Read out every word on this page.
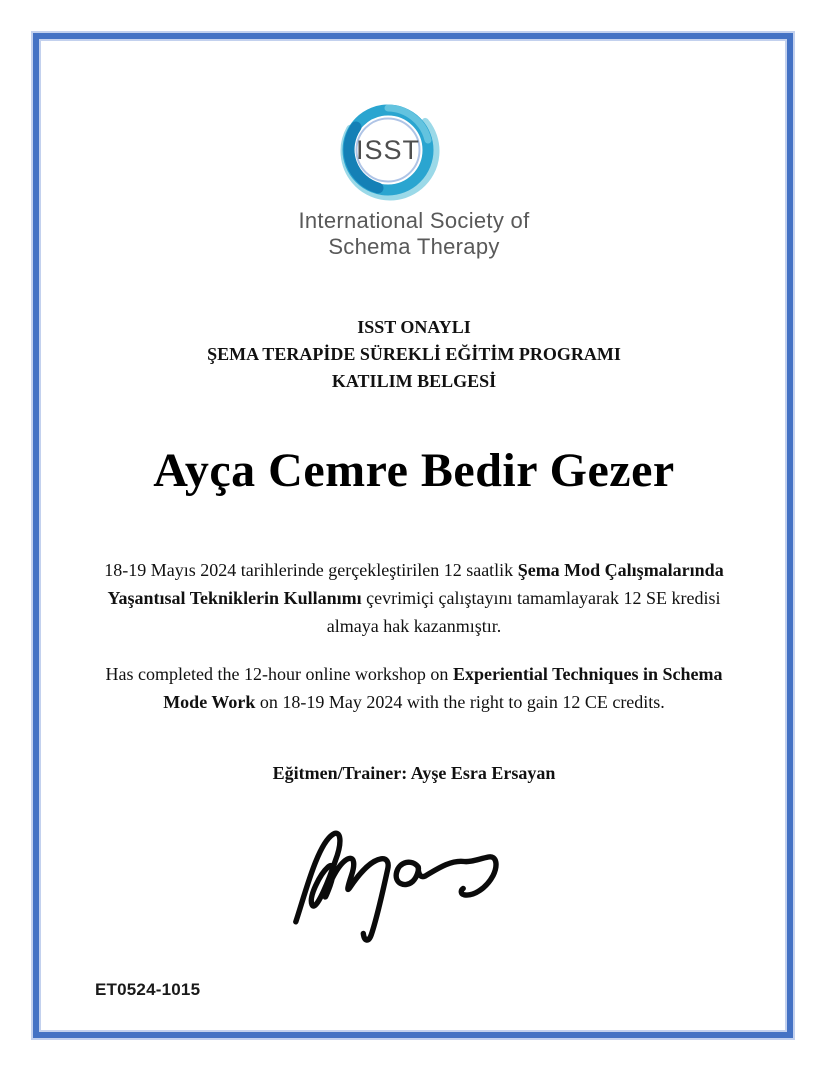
ISST
International Society of
Schema Therapy
ISST ONAYLI
ŞEMA TERAPİDE SÜREKLİ EĞİTİM PROGRAMI
KATILIM BELGESİ
Ayça Cemre Bedir Gezer

18-19 Mayıs 2024 tarihlerinde gerçekleştirilen 12 saatlik Şema Mod Çalışmalarında Yaşantısal Tekniklerin Kullanımı çevrimiçi çalıştayını tamamlayarak 12 SE kredisi almaya hak kazanmıştır.

Has completed the 12-hour online workshop on Experiential Techniques in Schema Mode Work on 18-19 May 2024 with the right to gain 12 CE credits.

Eğitmen/Trainer: Ayşe Esra Ersayan
ET0524-1015
